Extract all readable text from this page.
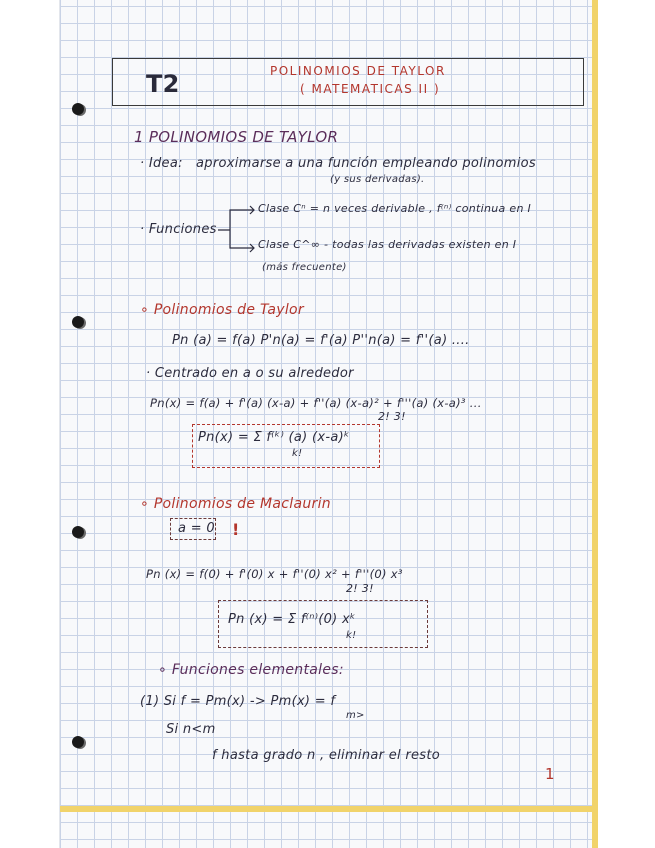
T2	POLINOMIOS DE TAYLOR
( MATEMATICAS II )
1 POLINOMIOS DE TAYLOR
· Idea: aproximarse a una función empleando polinomios
(y sus derivadas).
· Funciones
Clase Cⁿ = n veces derivable , f⁽ⁿ⁾ continua en I
Clase C^∞ - todas las derivadas existen en I
(más frecuente)
∘ Polinomios de Taylor
Pn (a) = f(a) P'n(a) = f'(a) P''n(a) = f''(a) ....
· Centrado en a o su alrededor
Pn(x) = f(a) + f'(a) (x-a) + f''(a) (x-a)² + f'''(a) (x-a)³ ...
2! 3!
Pn(x) = Σ f⁽ᵏ⁾ (a) (x-a)ᵏ
k!
∘ Polinomios de Maclaurin
a = 0 !
Pn (x) = f(0) + f'(0) x + f''(0) x² + f'''(0) x³
2! 3!
Pn (x) = Σ f⁽ⁿ⁾(0) xᵏ
k!
∘ Funciones elementales:
(1) Si f = Pm(x) -> Pm(x) = f
m>
Si n<m
f hasta grado n , eliminar el resto
1
